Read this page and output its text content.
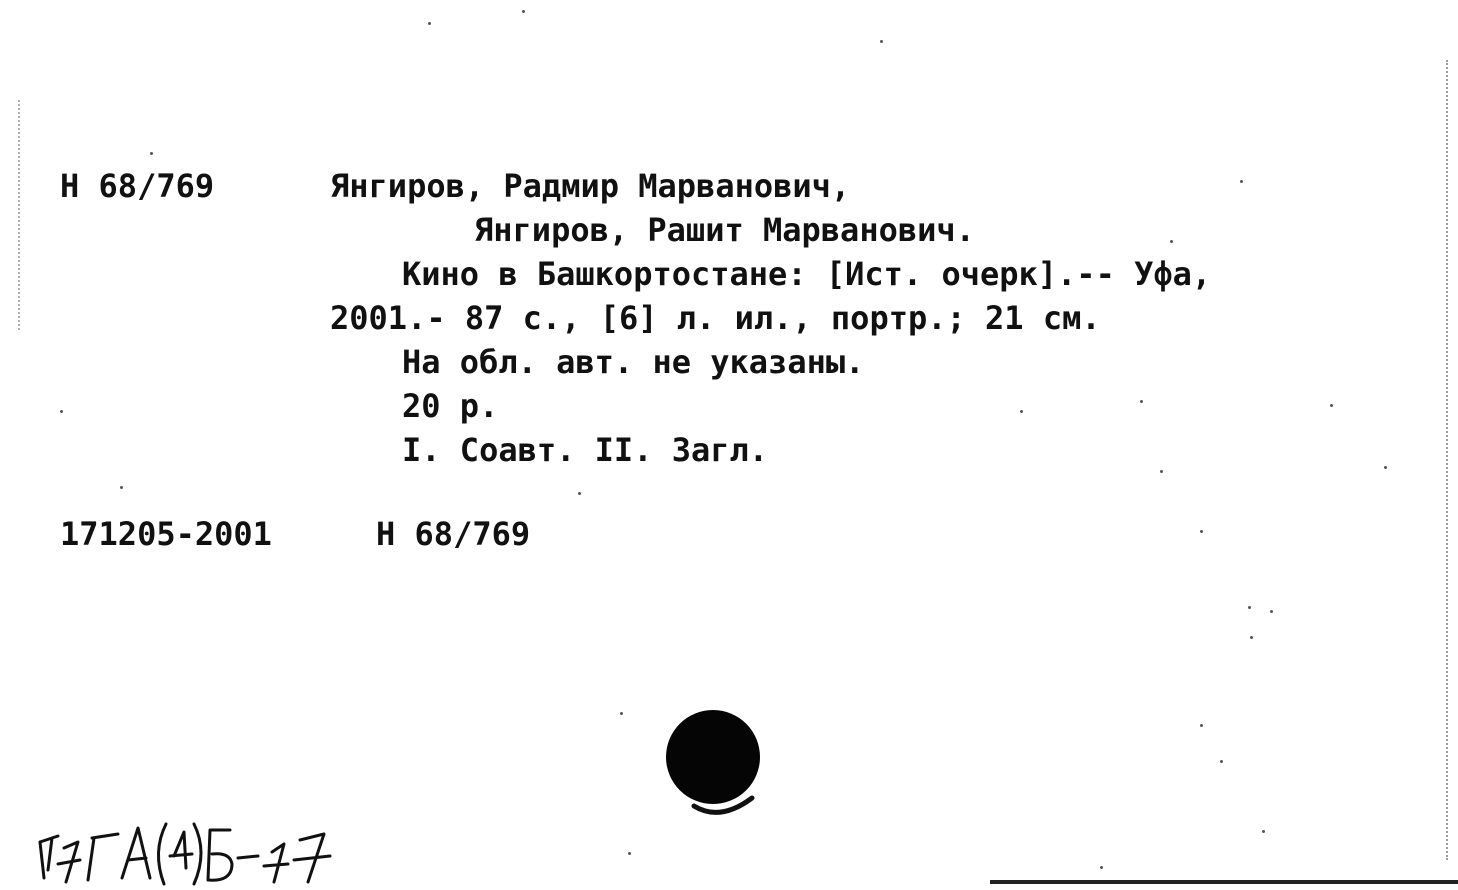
Н 68/769	Янгиров, Радмир Марванович,
Янгиров, Рашит Марванович.
Кино в Башкортостане: [Ист. очерк].-- Уфа,
2001.- 87 с., [6] л. ил., портр.; 21 см.
На обл. авт. не указаны.
20 р.
I. Соавт. II. Загл.
171205-2001	Н 68/769
